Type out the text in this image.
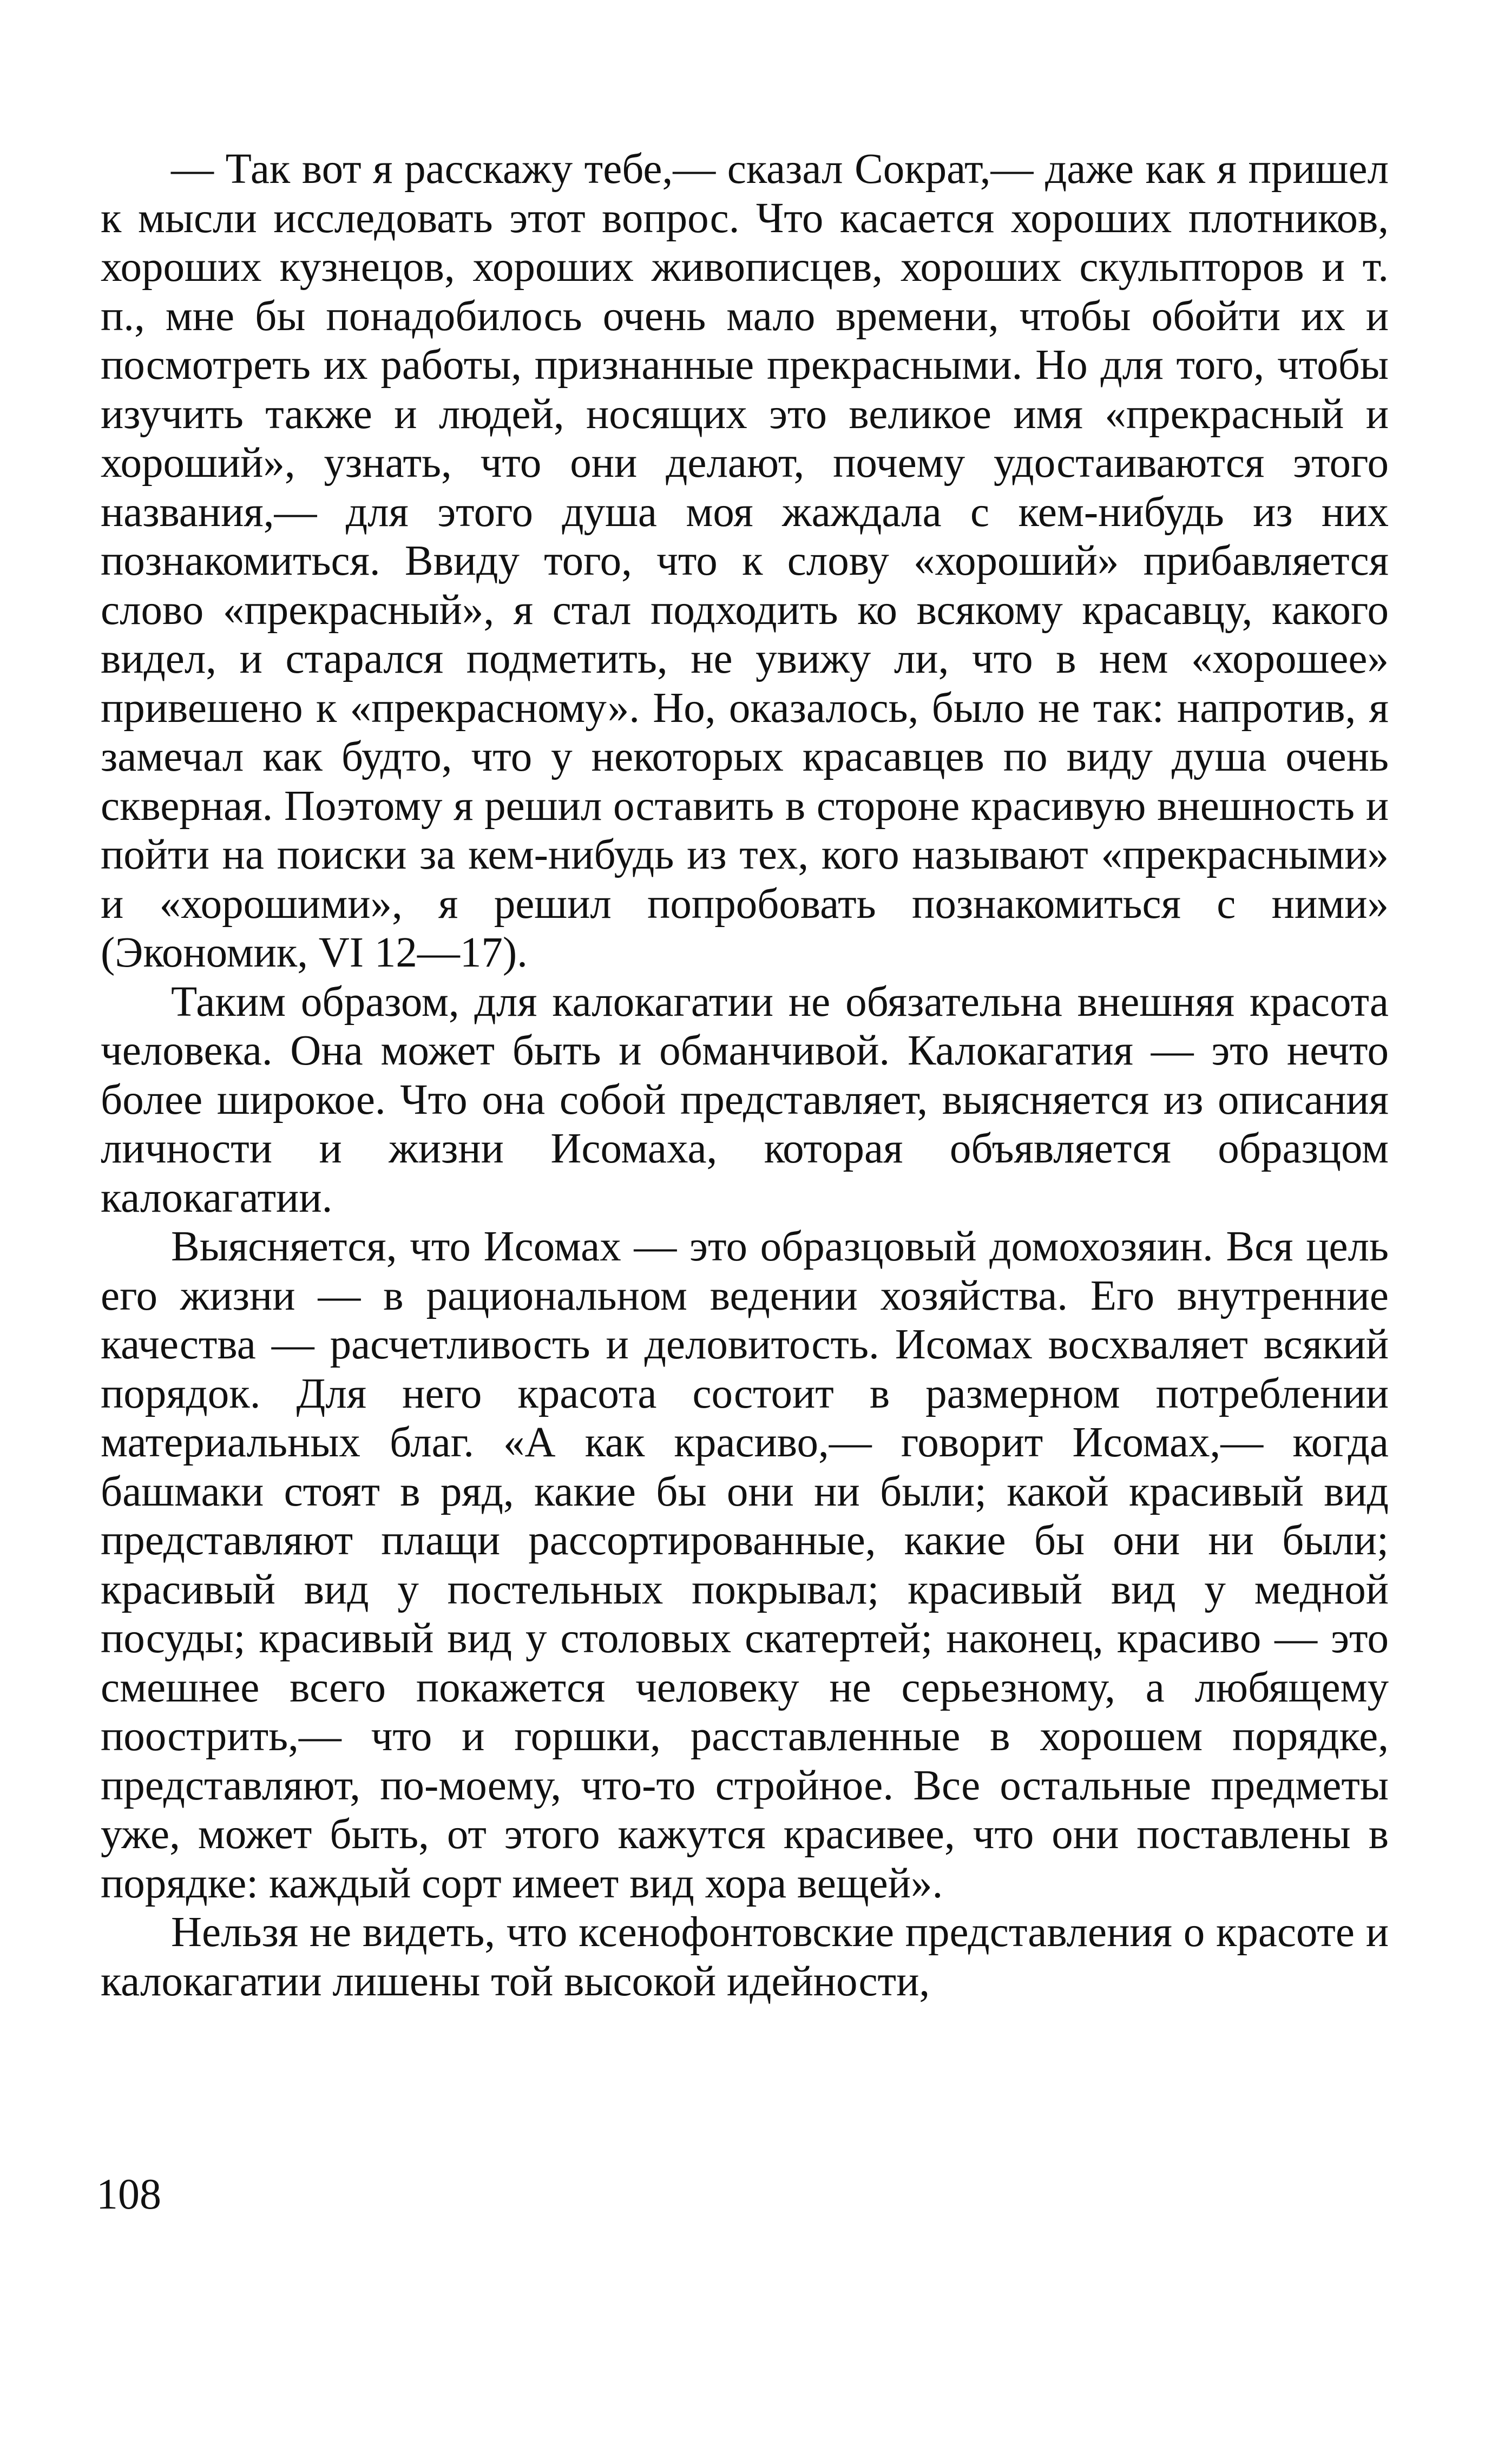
— Так вот я расскажу тебе,— сказал Сократ,— даже как я пришел к мысли исследовать этот вопрос. Что касается хороших плотников, хороших кузнецов, хороших живописцев, хороших скульпторов и т. п., мне бы понадобилось очень мало времени, чтобы обойти их и посмотреть их работы, признанные прекрасными. Но для того, чтобы изучить также и людей, носящих это великое имя «прекрасный и хороший», узнать, что они делают, почему удостаиваются этого названия,— для этого душа моя жаждала с кем-нибудь из них познакомиться. Ввиду того, что к слову «хороший» прибавляется слово «прекрасный», я стал подходить ко всякому красавцу, какого видел, и старался подметить, не увижу ли, что в нем «хорошее» привешено к «прекрасному». Но, оказалось, было не так: напротив, я замечал как будто, что у некоторых красавцев по виду душа очень скверная. Поэтому я решил оставить в стороне красивую внешность и пойти на поиски за кем-нибудь из тех, кого называют «прекрасными» и «хорошими», я решил попробовать познакомиться с ними» (Экономик, VI 12—17).

Таким образом, для калокагатии не обязательна внешняя красота человека. Она может быть и обманчивой. Калокагатия — это нечто более широкое. Что она собой представляет, выясняется из описания личности и жизни Исомаха, которая объявляется образцом калокагатии.

Выясняется, что Исомах — это образцовый домохозяин. Вся цель его жизни — в рациональном ведении хозяйства. Его внутренние качества — расчетливость и деловитость. Исомах восхваляет всякий порядок. Для него красота состоит в размерном потреблении материальных благ. «А как красиво,— говорит Исомах,— когда башмаки стоят в ряд, какие бы они ни были; какой красивый вид представляют плащи рассортированные, какие бы они ни были; красивый вид у постельных покрывал; красивый вид у медной посуды; красивый вид у столовых скатертей; наконец, красиво — это смешнее всего покажется человеку не серьезному, а любящему поострить,— что и горшки, расставленные в хорошем порядке, представляют, по-моему, что-то стройное. Все остальные предметы уже, может быть, от этого кажутся красивее, что они поставлены в порядке: каждый сорт имеет вид хора вещей».

Нельзя не видеть, что ксенофонтовские представления о красоте и калокагатии лишены той высокой идейности,

108
